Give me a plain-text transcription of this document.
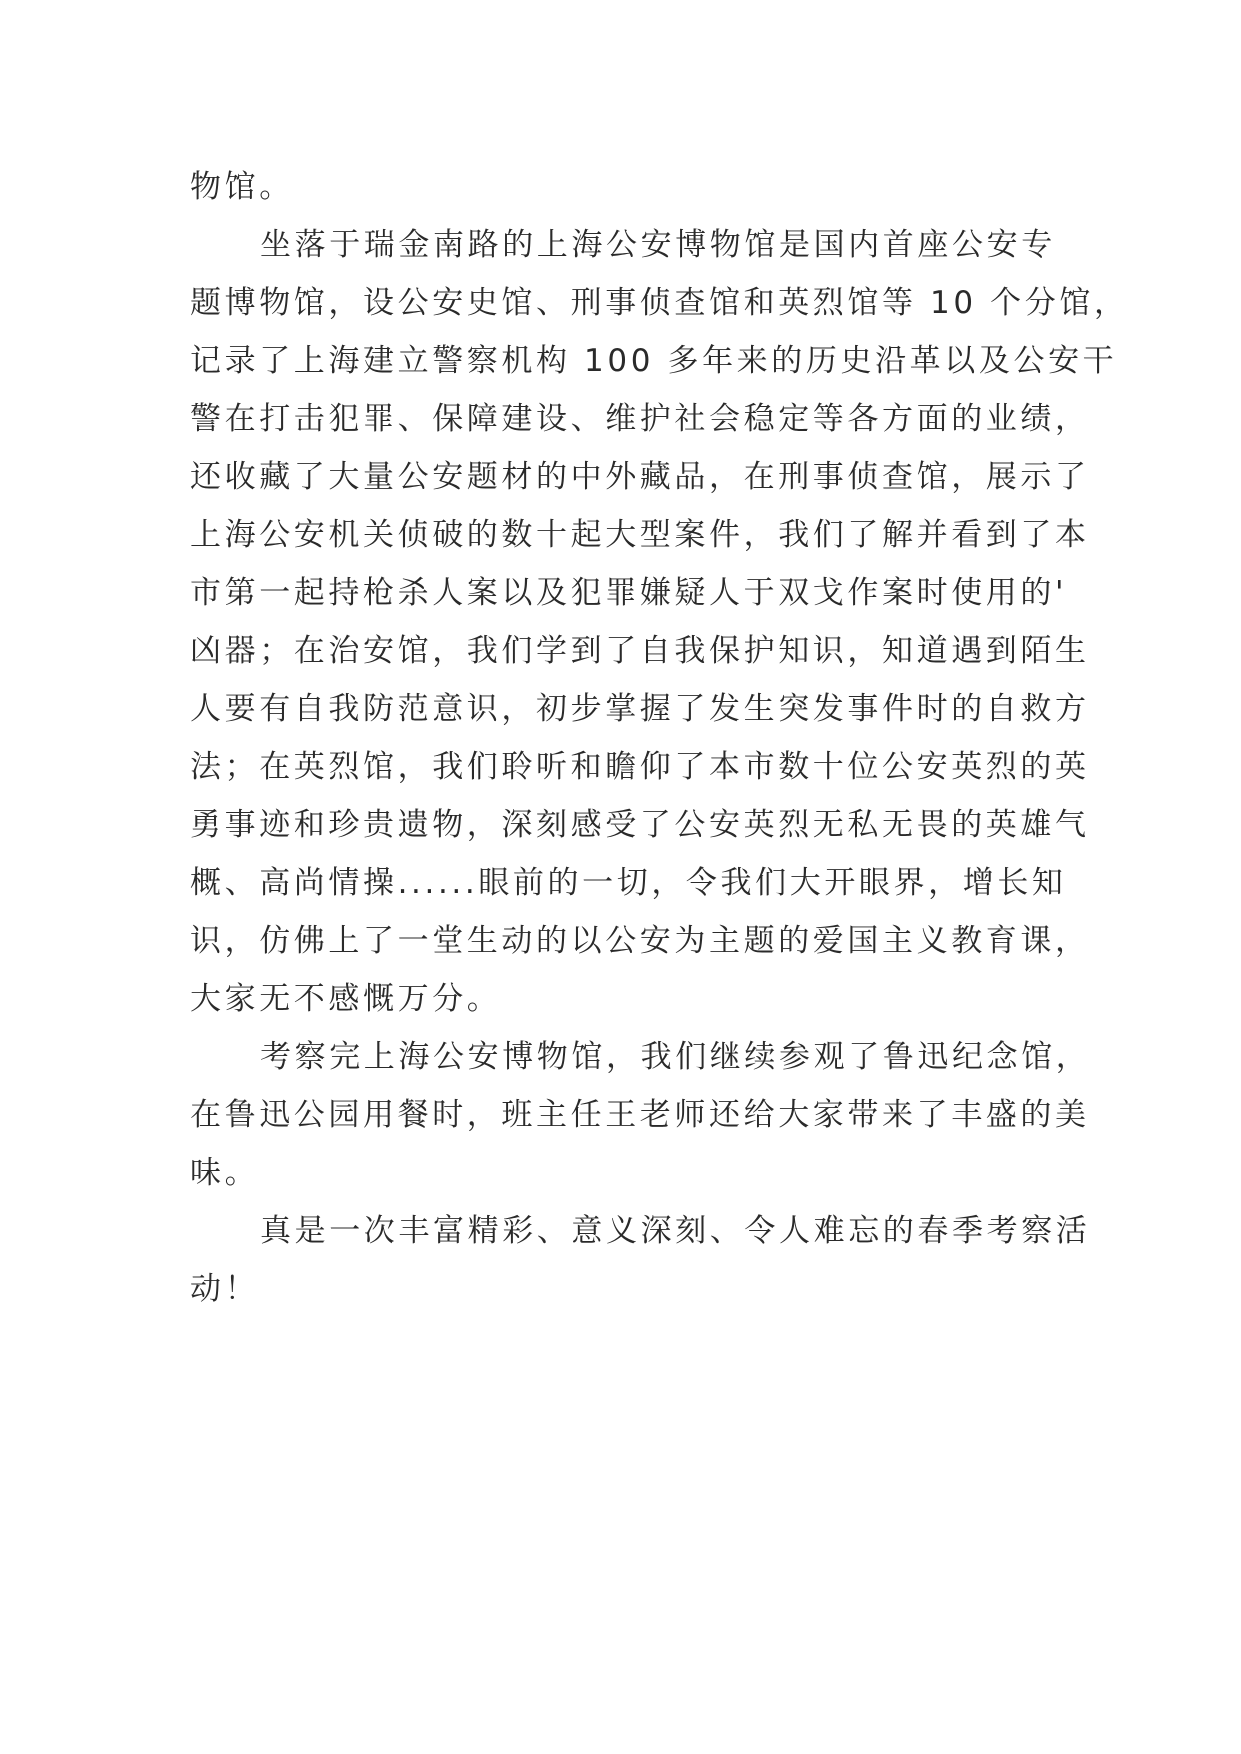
物馆。
坐落于瑞金南路的上海公安博物馆是国内首座公安专
题博物馆，设公安史馆、刑事侦查馆和英烈馆等 10 个分馆，
记录了上海建立警察机构 100 多年来的历史沿革以及公安干
警在打击犯罪、保障建设、维护社会稳定等各方面的业绩，
还收藏了大量公安题材的中外藏品，在刑事侦查馆，展示了
上海公安机关侦破的数十起大型案件，我们了解并看到了本
市第一起持枪杀人案以及犯罪嫌疑人于双戈作案时使用的'
凶器；在治安馆，我们学到了自我保护知识，知道遇到陌生
人要有自我防范意识，初步掌握了发生突发事件时的自救方
法；在英烈馆，我们聆听和瞻仰了本市数十位公安英烈的英
勇事迹和珍贵遗物，深刻感受了公安英烈无私无畏的英雄气
概、高尚情操......眼前的一切，令我们大开眼界，增长知
识，仿佛上了一堂生动的以公安为主题的爱国主义教育课，
大家无不感慨万分。
考察完上海公安博物馆，我们继续参观了鲁迅纪念馆，
在鲁迅公园用餐时，班主任王老师还给大家带来了丰盛的美
味。
真是一次丰富精彩、意义深刻、令人难忘的春季考察活
动！
